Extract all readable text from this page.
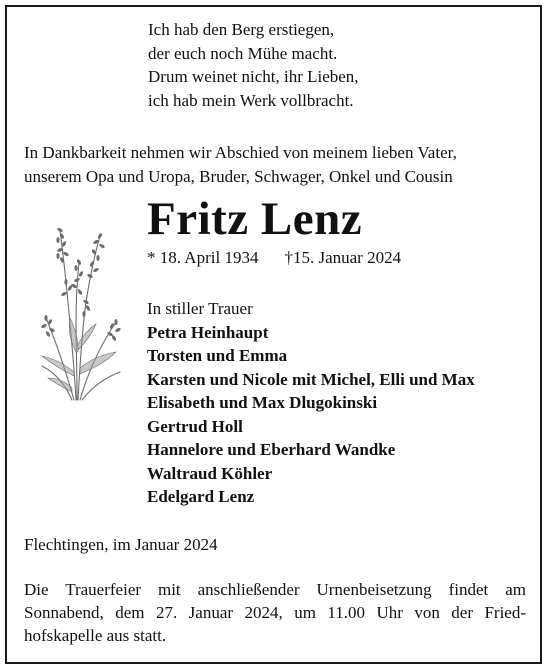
Ich hab den Berg erstiegen,
der euch noch Mühe macht.
Drum weinet nicht, ihr Lieben,
ich hab mein Werk vollbracht.
In Dankbarkeit nehmen wir Abschied von meinem lieben Vater,
unserem Opa und Uropa, Bruder, Schwager, Onkel und Cousin
Fritz Lenz
* 18. April 1934 †15. Januar 2024
In stiller Trauer
Petra Heinhaupt
Torsten und Emma
Karsten und Nicole mit Michel, Elli und Max
Elisabeth und Max Dlugokinski
Gertrud Holl
Hannelore und Eberhard Wandke
Waltraud Köhler
Edelgard Lenz
Flechtingen, im Januar 2024
Die Trauerfeier mit anschließender Urnenbeisetzung findet am
Sonnabend, dem 27. Januar 2024, um 11.00 Uhr von der Fried-
hofskapelle aus statt.
